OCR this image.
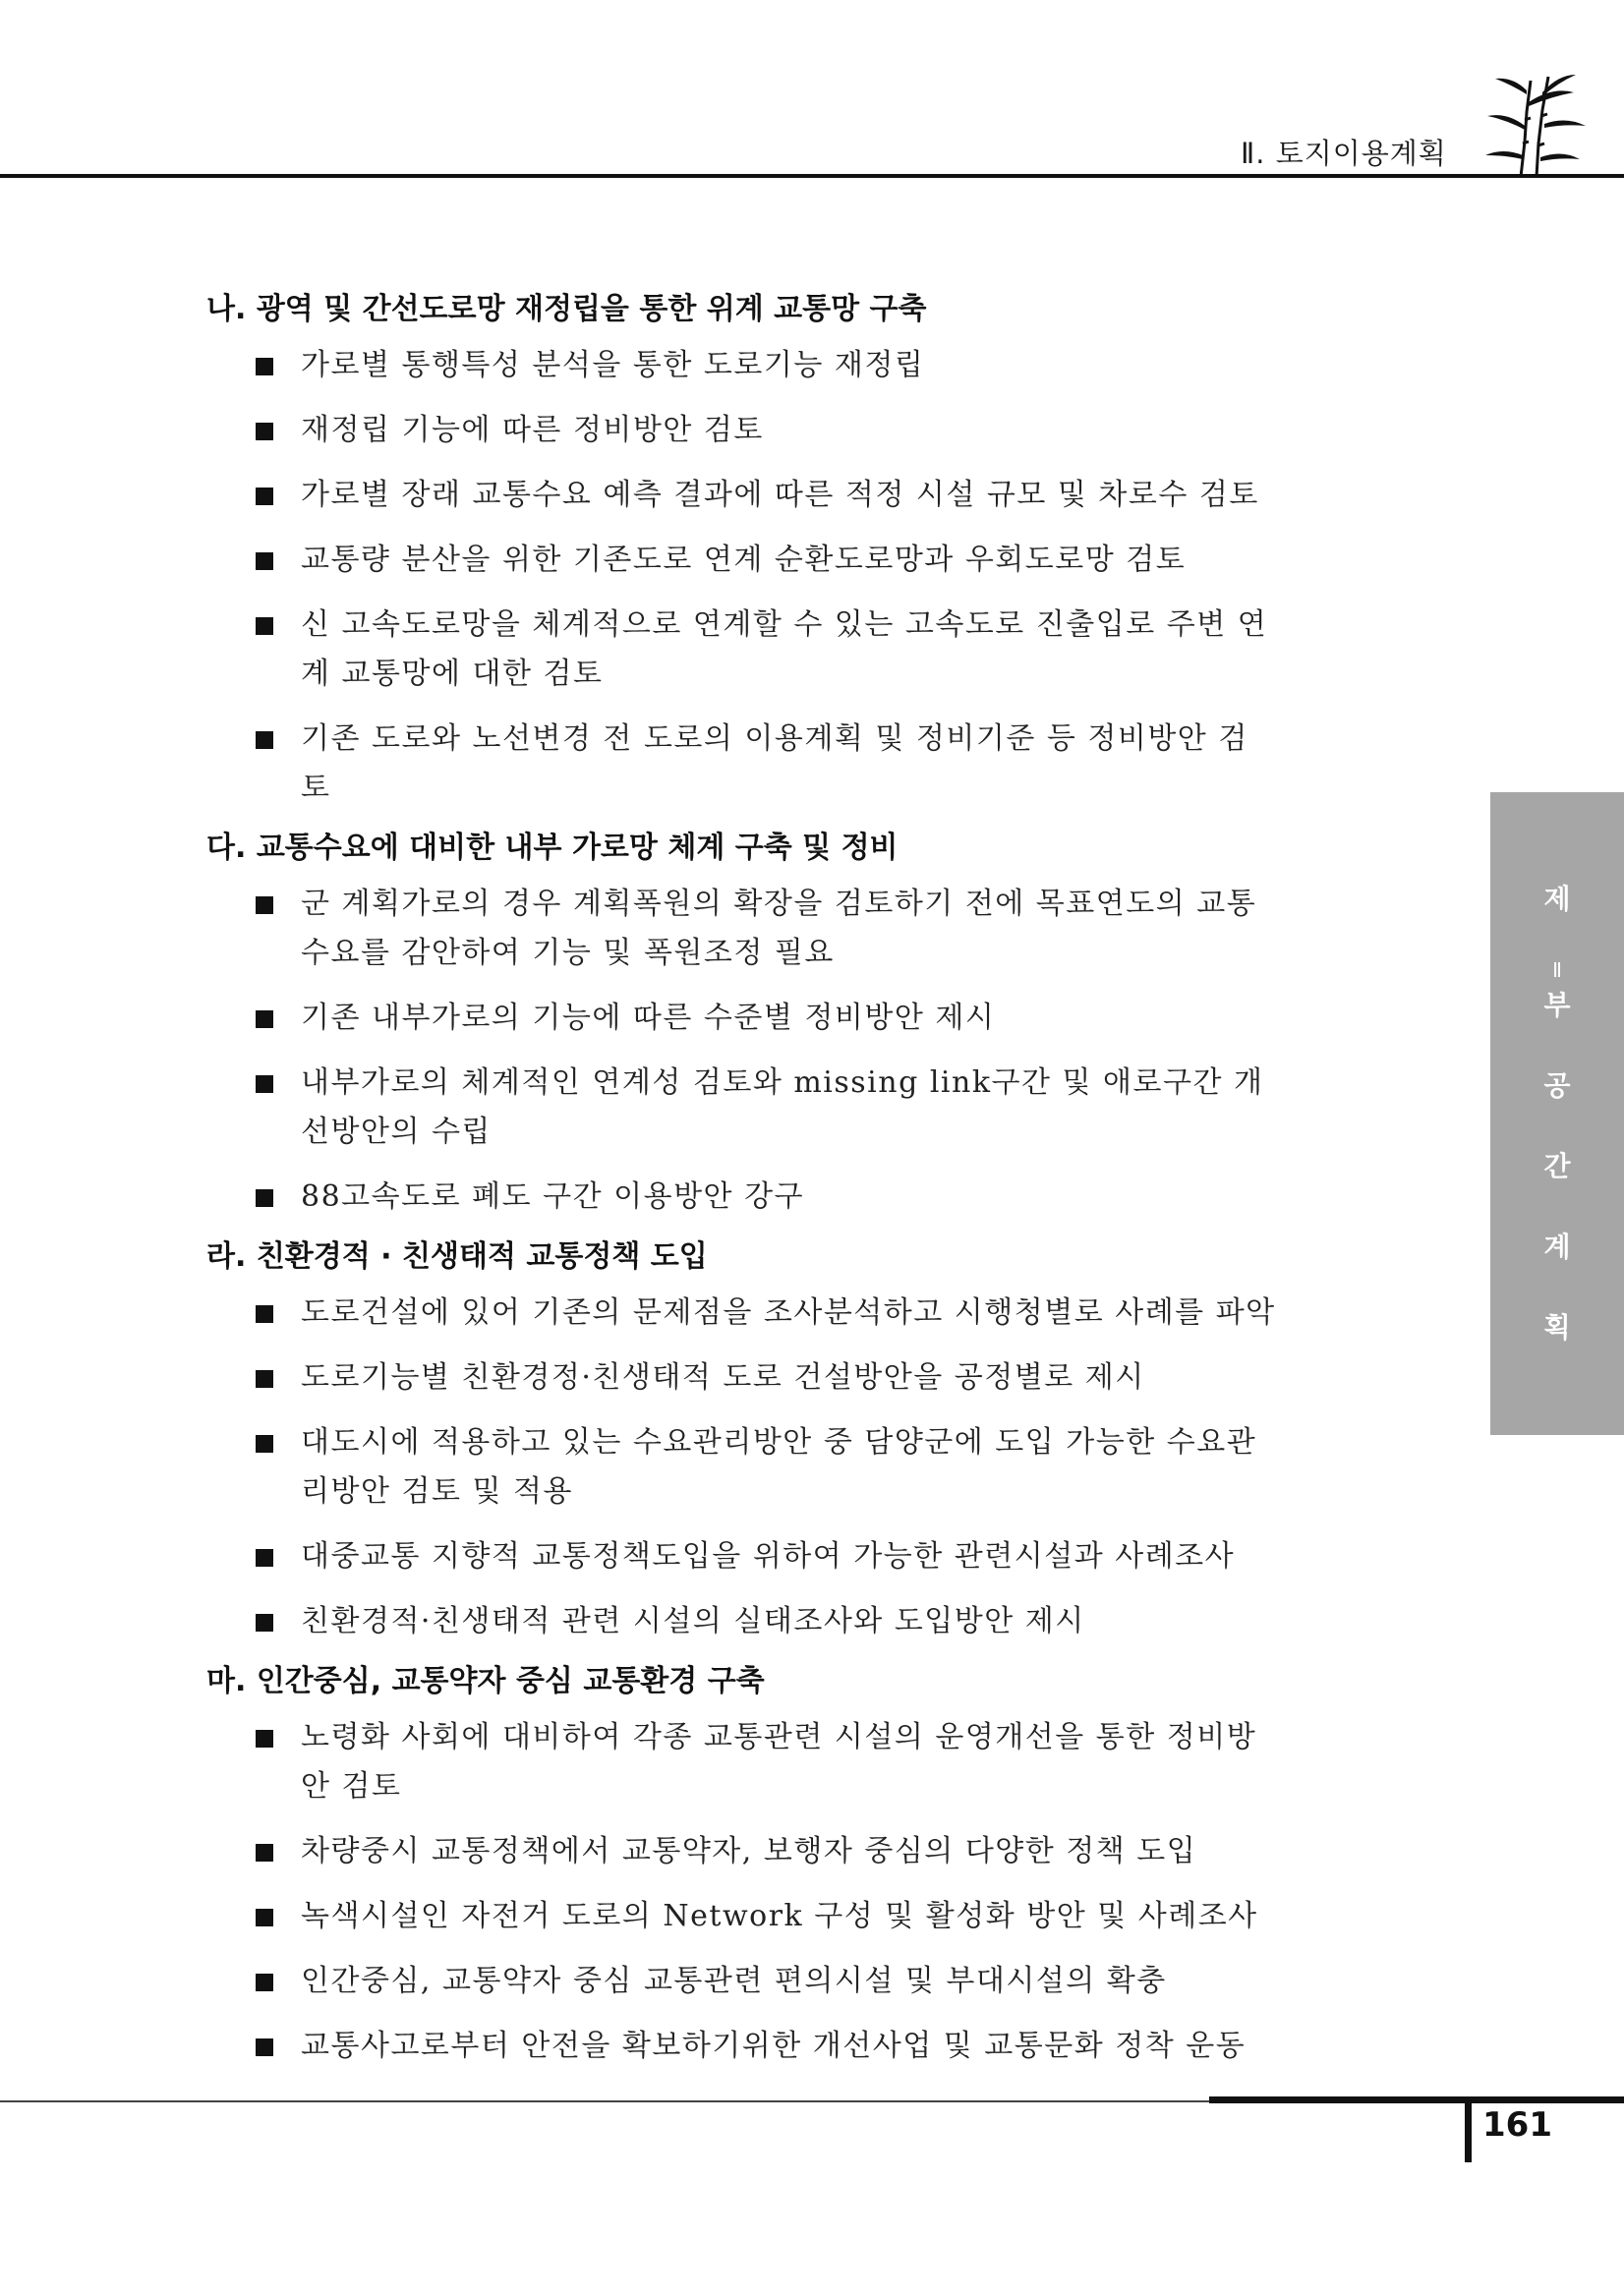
Ⅱ. 토지이용계획
나. 광역 및 간선도로망 재정립을 통한 위계 교통망 구축
가로별 통행특성 분석을 통한 도로기능 재정립
재정립 기능에 따른 정비방안 검토
가로별 장래 교통수요 예측 결과에 따른 적정 시설 규모 및 차로수 검토
교통량 분산을 위한 기존도로 연계 순환도로망과 우회도로망 검토
신 고속도로망을 체계적으로 연계할 수 있는 고속도로 진출입로 주변 연계 교통망에 대한 검토
기존 도로와 노선변경 전 도로의 이용계획 및 정비기준 등 정비방안 검토
다. 교통수요에 대비한 내부 가로망 체계 구축 및 정비
군 계획가로의 경우 계획폭원의 확장을 검토하기 전에 목표연도의 교통수요를 감안하여 기능 및 폭원조정 필요
기존 내부가로의 기능에 따른 수준별 정비방안 제시
내부가로의 체계적인 연계성 검토와 missing link구간 및 애로구간 개선방안의 수립
88고속도로 폐도 구간 이용방안 강구
라. 친환경적 · 친생태적 교통정책 도입
도로건설에 있어 기존의 문제점을 조사분석하고 시행청별로 사례를 파악
도로기능별 친환경정·친생태적 도로 건설방안을 공정별로 제시
대도시에 적용하고 있는 수요관리방안 중 담양군에 도입 가능한 수요관리방안 검토 및 적용
대중교통 지향적 교통정책도입을 위하여 가능한 관련시설과 사례조사
친환경적·친생태적 관련 시설의 실태조사와 도입방안 제시
마. 인간중심, 교통약자 중심 교통환경 구축
노령화 사회에 대비하여 각종 교통관련 시설의 운영개선을 통한 정비방안 검토
차량중시 교통정책에서 교통약자, 보행자 중심의 다양한 정책 도입
녹색시설인 자전거 도로의 Network 구성 및 활성화 방안 및 사례조사
인간중심, 교통약자 중심 교통관련 편의시설 및 부대시설의 확충
교통사고로부터 안전을 확보하기위한 개선사업 및 교통문화 정착 운동
제
Ⅱ
부
공
간
계
획
161
